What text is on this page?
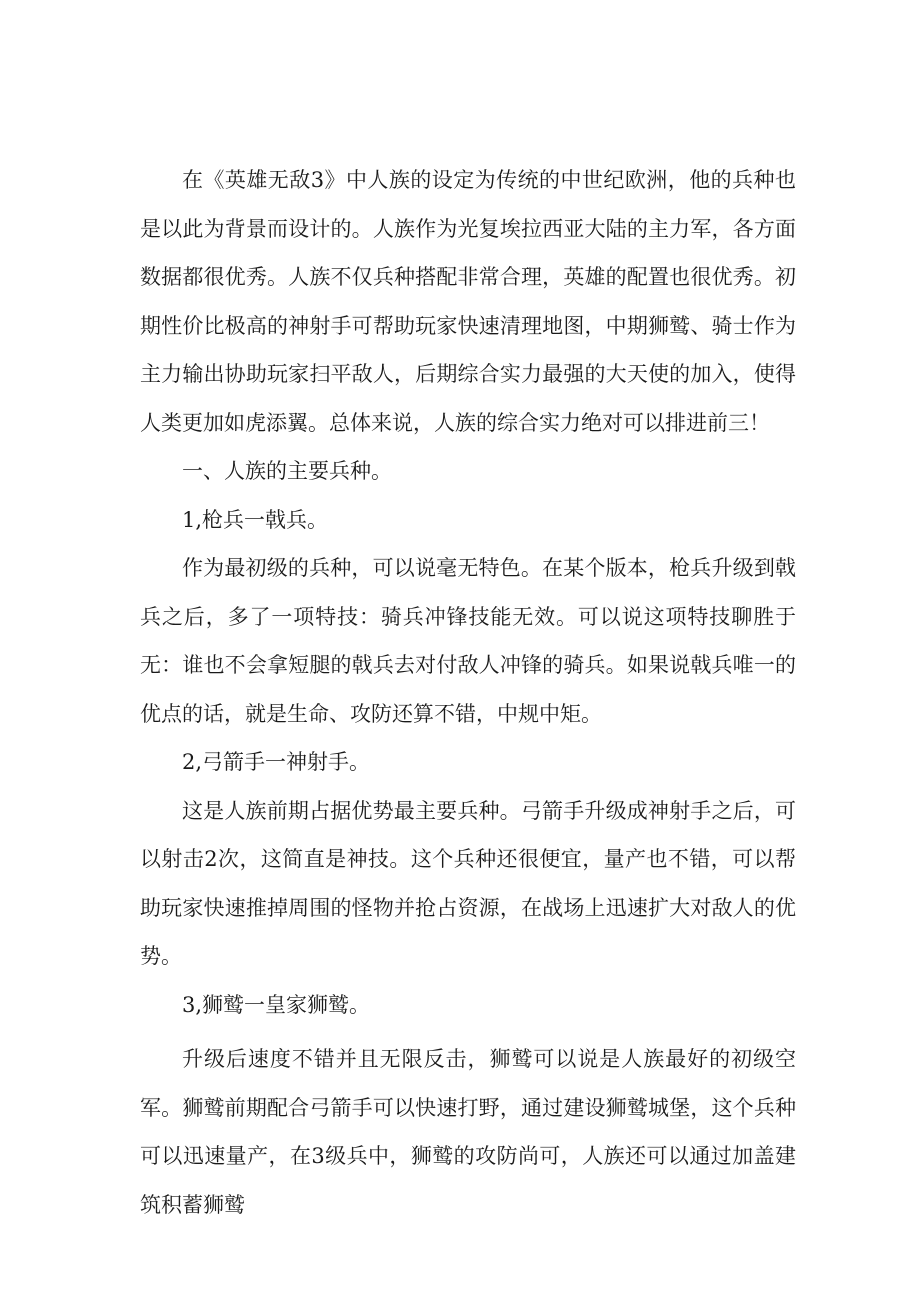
在《英雄无敌3》中人族的设定为传统的中世纪欧洲，他的兵种也是以此为背景而设计的。人族作为光复埃拉西亚大陆的主力军，各方面数据都很优秀。人族不仅兵种搭配非常合理，英雄的配置也很优秀。初期性价比极高的神射手可帮助玩家快速清理地图，中期狮鹫、骑士作为主力输出协助玩家扫平敌人，后期综合实力最强的大天使的加入，使得人类更加如虎添翼。总体来说，人族的综合实力绝对可以排进前三！

一、人族的主要兵种。

1,枪兵一戟兵。

作为最初级的兵种，可以说毫无特色。在某个版本，枪兵升级到戟兵之后，多了一项特技：骑兵冲锋技能无效。可以说这项特技聊胜于无：谁也不会拿短腿的戟兵去对付敌人冲锋的骑兵。如果说戟兵唯一的优点的话，就是生命、攻防还算不错，中规中矩。

2,弓箭手一神射手。

这是人族前期占据优势最主要兵种。弓箭手升级成神射手之后，可以射击2次，这简直是神技。这个兵种还很便宜，量产也不错，可以帮助玩家快速推掉周围的怪物并抢占资源，在战场上迅速扩大对敌人的优势。

3,狮鹫一皇家狮鹫。

升级后速度不错并且无限反击，狮鹫可以说是人族最好的初级空军。狮鹫前期配合弓箭手可以快速打野，通过建设狮鹫城堡，这个兵种可以迅速量产，在3级兵中，狮鹫的攻防尚可，人族还可以通过加盖建筑积蓄狮鹫
